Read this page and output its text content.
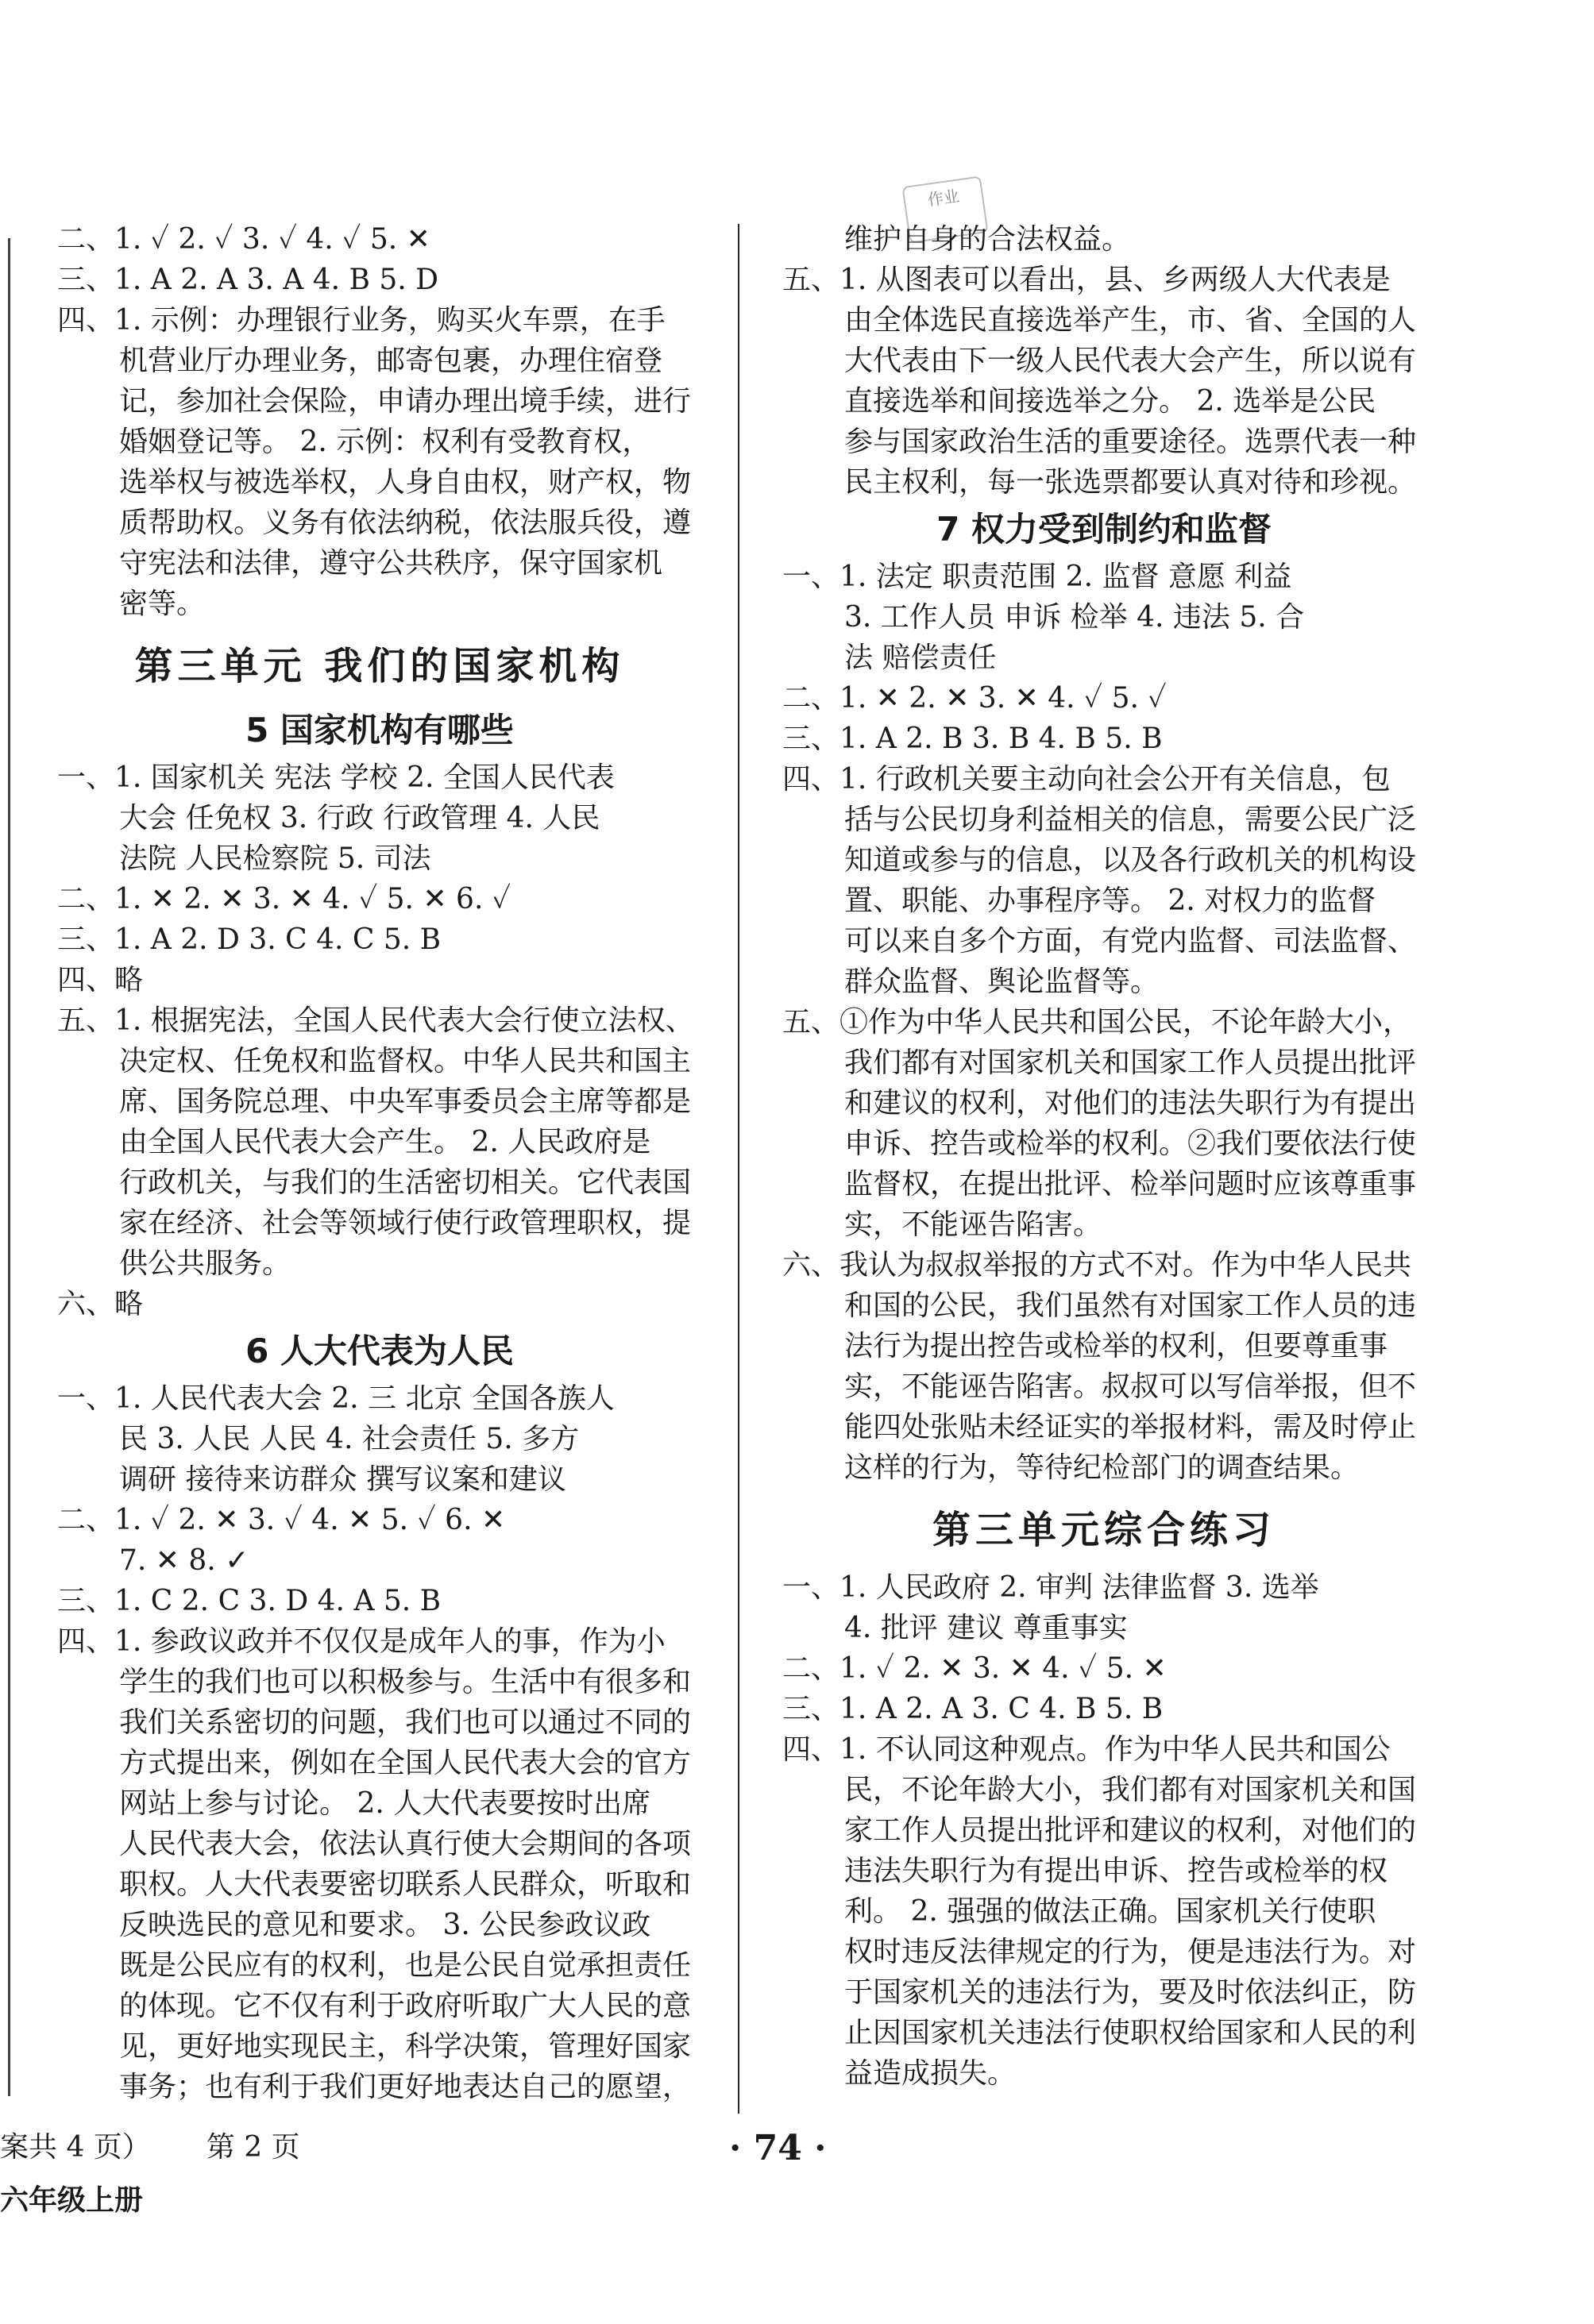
作业
二、1. ✓ 2. ✓ 3. ✓ 4. ✓ 5. ✕
三、1. A 2. A 3. A 4. B 5. D
四、1. 示例：办理银行业务，购买火车票，在手
机营业厅办理业务，邮寄包裹，办理住宿登
记，参加社会保险，申请办理出境手续，进行
婚姻登记等。 2. 示例：权利有受教育权，
选举权与被选举权，人身自由权，财产权，物
质帮助权。义务有依法纳税，依法服兵役，遵
守宪法和法律，遵守公共秩序，保守国家机
密等。
第三单元 我们的国家机构
5 国家机构有哪些
一、1. 国家机关 宪法 学校 2. 全国人民代表
大会 任免权 3. 行政 行政管理 4. 人民
法院 人民检察院 5. 司法
二、1. ✕ 2. ✕ 3. ✕ 4. ✓ 5. ✕ 6. ✓
三、1. A 2. D 3. C 4. C 5. B
四、略
五、1. 根据宪法，全国人民代表大会行使立法权、
决定权、任免权和监督权。中华人民共和国主
席、国务院总理、中央军事委员会主席等都是
由全国人民代表大会产生。 2. 人民政府是
行政机关，与我们的生活密切相关。它代表国
家在经济、社会等领域行使行政管理职权，提
供公共服务。
六、略
6 人大代表为人民
一、1. 人民代表大会 2. 三 北京 全国各族人
民 3. 人民 人民 4. 社会责任 5. 多方
调研 接待来访群众 撰写议案和建议
二、1. ✓ 2. ✕ 3. ✓ 4. ✕ 5. ✓ 6. ✕
7. ✕ 8. ✓
三、1. C 2. C 3. D 4. A 5. B
四、1. 参政议政并不仅仅是成年人的事，作为小
学生的我们也可以积极参与。生活中有很多和
我们关系密切的问题，我们也可以通过不同的
方式提出来，例如在全国人民代表大会的官方
网站上参与讨论。 2. 人大代表要按时出席
人民代表大会，依法认真行使大会期间的各项
职权。人大代表要密切联系人民群众，听取和
反映选民的意见和要求。 3. 公民参政议政
既是公民应有的权利，也是公民自觉承担责任
的体现。它不仅有利于政府听取广大人民的意
见，更好地实现民主，科学决策，管理好国家
事务；也有利于我们更好地表达自己的愿望，
维护自身的合法权益。
五、1. 从图表可以看出，县、乡两级人大代表是
由全体选民直接选举产生，市、省、全国的人
大代表由下一级人民代表大会产生，所以说有
直接选举和间接选举之分。 2. 选举是公民
参与国家政治生活的重要途径。选票代表一种
民主权利，每一张选票都要认真对待和珍视。
7 权力受到制约和监督
一、1. 法定 职责范围 2. 监督 意愿 利益
3. 工作人员 申诉 检举 4. 违法 5. 合
法 赔偿责任
二、1. ✕ 2. ✕ 3. ✕ 4. ✓ 5. ✓
三、1. A 2. B 3. B 4. B 5. B
四、1. 行政机关要主动向社会公开有关信息，包
括与公民切身利益相关的信息，需要公民广泛
知道或参与的信息，以及各行政机关的机构设
置、职能、办事程序等。 2. 对权力的监督
可以来自多个方面，有党内监督、司法监督、
群众监督、舆论监督等。
五、①作为中华人民共和国公民，不论年龄大小，
我们都有对国家机关和国家工作人员提出批评
和建议的权利，对他们的违法失职行为有提出
申诉、控告或检举的权利。②我们要依法行使
监督权，在提出批评、检举问题时应该尊重事
实，不能诬告陷害。
六、我认为叔叔举报的方式不对。作为中华人民共
和国的公民，我们虽然有对国家工作人员的违
法行为提出控告或检举的权利，但要尊重事
实，不能诬告陷害。叔叔可以写信举报，但不
能四处张贴未经证实的举报材料，需及时停止
这样的行为，等待纪检部门的调查结果。
第三单元综合练习
一、1. 人民政府 2. 审判 法律监督 3. 选举
4. 批评 建议 尊重事实
二、1. ✓ 2. ✕ 3. ✕ 4. ✓ 5. ✕
三、1. A 2. A 3. C 4. B 5. B
四、1. 不认同这种观点。作为中华人民共和国公
民，不论年龄大小，我们都有对国家机关和国
家工作人员提出批评和建议的权利，对他们的
违法失职行为有提出申诉、控告或检举的权
利。 2. 强强的做法正确。国家机关行使职
权时违反法律规定的行为，便是违法行为。对
于国家机关的违法行为，要及时依法纠正，防
止因国家机关违法行使职权给国家和人民的利
益造成损失。
案共 4 页） 第 2 页
六年级上册
· 74 ·
